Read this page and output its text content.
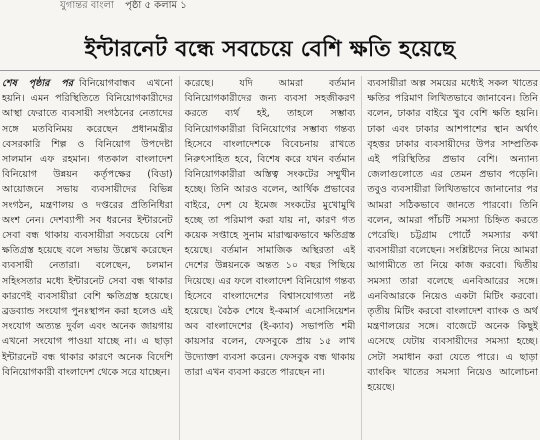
যুগান্তর বাংলা পৃষ্ঠা ৫ কলাম ১
ইন্টারনেট বন্ধে সবচেয়ে বেশি ক্ষতি হয়েছে

শেষ পৃষ্ঠার পর বিনিয়োগবান্ধব এখনো হয়নি। এমন পরিস্থিতিতে বিনিয়োগকারীদের আস্থা ফেরাতে ব্যবসায়ী সংগঠনের নেতাদের সঙ্গে মতবিনিময় করেছেন প্রধানমন্ত্রীর বেসরকারি শিল্প ও বিনিয়োগ উপদেষ্টা সালমান এফ রহমান। গতকাল বাংলাদেশ বিনিয়োগ উন্নয়ন কর্তৃপক্ষের (বিডা) আয়োজনে সভায় ব্যবসায়ীদের বিভিন্ন সংগঠন, মন্ত্রণালয় ও দপ্তরের প্রতিনিধিরা অংশ নেন। দেশব্যাপী সব ধরনের ইন্টারনেট সেবা বন্ধ থাকায় ব্যবসায়ীরা সবচেয়ে বেশি ক্ষতিগ্রস্ত হয়েছে বলে সভায় উল্লেখ করেছেন ব্যবসায়ী নেতারা। বলেছেন, চলমান সহিংসতার মধ্যে ইন্টারনেট সেবা বন্ধ থাকার কারণেই ব্যবসায়ীরা বেশি ক্ষতিগ্রস্ত হয়েছে। ব্রডব্যান্ড সংযোগ পুনঃস্থাপন করা হলেও এই সংযোগ অত্যন্ত দুর্বল এবং অনেক জায়গায় এখনো সংযোগ পাওয়া যাচ্ছে না। এ ছাড়া ইন্টারনেট বন্ধ থাকার কারণে অনেক বিদেশি বিনিয়োগকারী বাংলাদেশ থেকে সরে যাচ্ছেন।

করেছে। যদি আমরা বর্তমান বিনিয়োগকারীদের জন্য ব্যবসা সহজীকরণ করতে ব্যর্থ হই, তাহলে সম্ভাব্য বিনিয়োগকারীরা বিনিয়োগের সম্ভাব্য গন্তব্য হিসেবে বাংলাদেশকে বিবেচনায় রাখতে নিরুৎসাহিত হবে, বিশেষ করে যখন বর্তমান বিনিয়োগকারীরা অস্তিত্ব সংকটের সম্মুখীন হচ্ছে। তিনি আরও বলেন, আর্থিক প্রভাবের বাইরে, দেশ যে ইমেজ সংকটের মুখোমুখি হচ্ছে তা পরিমাপ করা যায় না, কারণ গত কয়েক সপ্তাহে সুনাম মারাত্মকভাবে ক্ষতিগ্রস্ত হয়েছে। বর্তমান সামাজিক অস্থিরতা এই দেশের উন্নয়নকে অন্তত ১০ বছর পিছিয়ে দিয়েছে। এর ফলে বাংলাদেশ বিনিয়োগ গন্তব্য হিসেবে বাংলাদেশের বিশ্বাসযোগ্যতা নষ্ট হয়েছে। বৈঠক শেষে ই-কমার্স এসোসিয়েশন অব বাংলাদেশের (ই-ক্যাব) সভাপতি শমী কায়সার বলেন, ফেসবুকে প্রায় ১৫ লাখ উদ্যোক্তা ব্যবসা করেন। ফেসবুক বন্ধ থাকায় তারা এখন ব্যবসা করতে পারছেন না।

ব্যবসায়ীরা অল্প সময়ের মধ্যেই সকল খাতের ক্ষতির পরিমাণ লিখিতভাবে জানাবেন। তিনি বলেন, ঢাকার বাইরে খুব বেশি ক্ষতি হয়নি। ঢাকা এবং ঢাকার আশপাশের স্থান অর্থাৎ বৃহত্তর ঢাকার ব্যবসায়ীদের উপর সাম্প্রতিক এই পরিস্থিতির প্রভাব বেশি। অন্যান্য জেলাগুলোতে এর তেমন প্রভাব পড়েনি। তবুও ব্যবসায়ীরা লিখিতভাবে জানানোর পর আমরা সঠিকভাবে জানতে পারবো। তিনি বলেন, আমরা পাঁচটি সমস্যা চিহ্নিত করতে পেরেছি। চট্টগ্রাম পোর্টে সমস্যার কথা ব্যবসায়ীরা বলেছেন। সংশ্লিষ্টদের নিয়ে আমরা আগামীতে তা নিয়ে কাজ করবো। দ্বিতীয় সমস্যা তারা বলেছে এনবিআরের সঙ্গে। এনবিআরকে নিয়েও একটা মিটিং করবো। তৃতীয় মিটিং করবো বাংলাদেশ ব্যাংক ও অর্থ মন্ত্রণালয়ের সঙ্গে। বাজেটে অনেক কিছুই এসেছে যেটায় ব্যবসায়ীদের সমস্যা হচ্ছে। সেটা সমাধান করা যেতে পারে। এ ছাড়া ব্যাংকিং খাতের সমস্যা নিয়েও আলোচনা হয়েছে।
